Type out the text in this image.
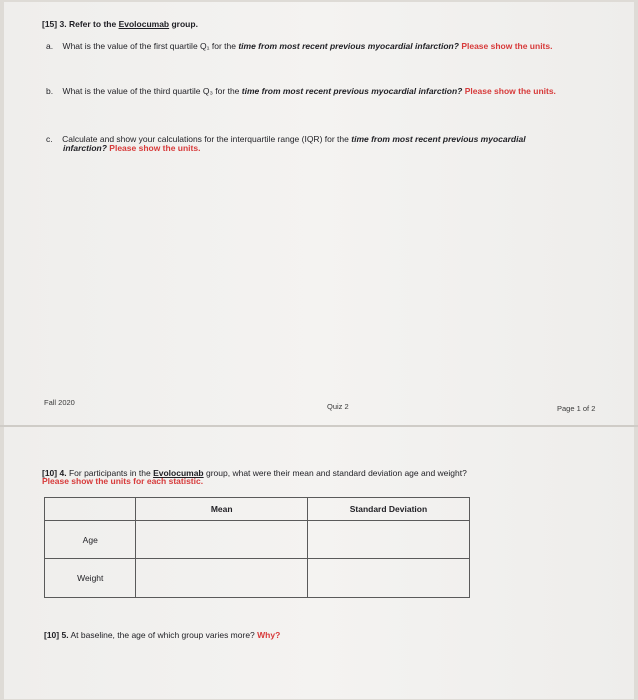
[15] 3. Refer to the Evolocumab group.
a. What is the value of the first quartile Q₁ for the time from most recent previous myocardial infarction? Please show the units.
b. What is the value of the third quartile Q₃ for the time from most recent previous myocardial infarction? Please show the units.
c. Calculate and show your calculations for the interquartile range (IQR) for the time from most recent previous myocardial
infarction? Please show the units.
Fall 2020	Quiz 2	Page 1 of 2
[10] 4. For participants in the Evolocumab group, what were their mean and standard deviation age and weight?
Please show the units for each statistic.
	Mean	Standard Deviation
Age		
Weight		
[10] 5. At baseline, the age of which group varies more? Why?
